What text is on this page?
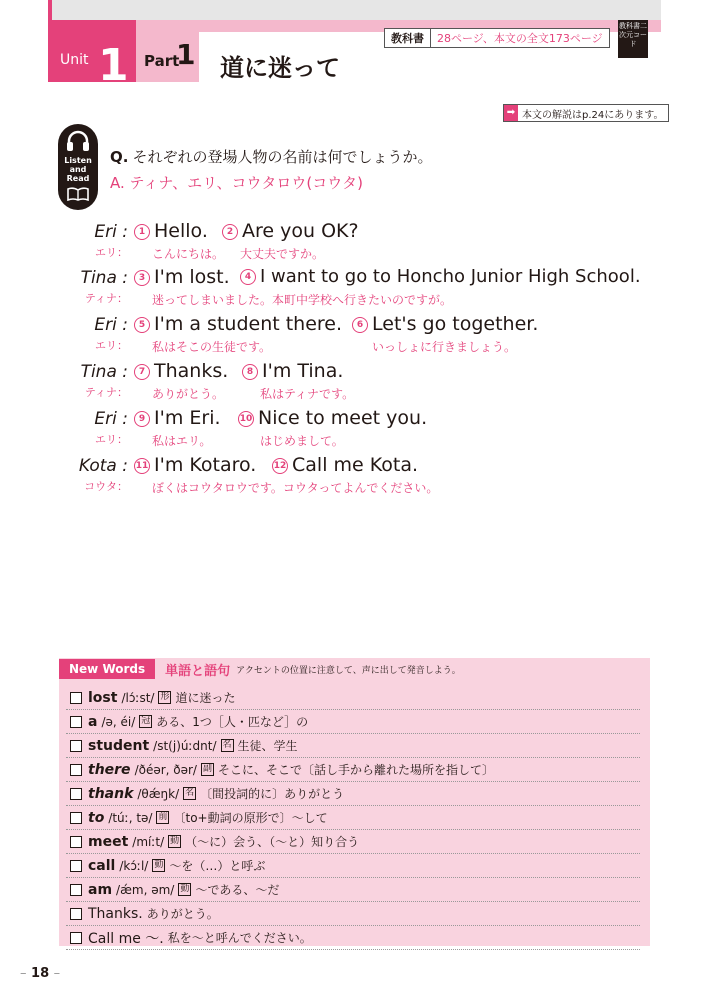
Unit 1 Part
1 道に迷って
教科書	28ページ、本文の全文173ページ
教科書二次元コード
➡ 本文の解説はp.24にあります。
Listen
and
Read
Q. それぞれの登場人物の名前は何でしょうか。
A. ティナ、エリ、コウタロウ(コウタ)
Eri :
エリ：
1 Hello.	2 Are you OK?
こんにちは。 大丈夫ですか。
Tina :
ティナ：
3 I'm lost.	4 I want to go to Honcho Junior High School.
迷ってしまいました。本町中学校へ行きたいのですが。
Eri :
エリ：
5 I'm a student there.	6 Let's go together.
私はそこの生徒です。	いっしょに行きましょう。
Tina :
ティナ：
7 Thanks.	8 I'm Tina.
ありがとう。	私はティナです。
Eri :
エリ：
9 I'm Eri. 10 Nice to meet you.
私はエリ。	はじめまして。
Kota :
コウタ：
11 I'm Kotaro. 12 Call me Kota.
ぼくはコウタロウです。コウタってよんでください。
New Words	単語と語句 アクセントの位置に注意して、声に出して発音しよう。
lost /lɔ́ːst/ 形 道に迷った
a /ə, éi/ 冠 ある、1つ［人・匹など］の
student /st(j)úːdnt/ 名 生徒、学生
there /ðéər, ðər/ 副 そこに、そこで〔話し手から離れた場所を指して〕
thank /θǽŋk/ 名 〔間投詞的に〕ありがとう
to /túː, tə/ 前 〔to+動詞の原形で〕～して
meet /míːt/ 動 （～に）会う、（～と）知り合う
call /kɔ́ːl/ 動 ～を（…）と呼ぶ
am /ǽm, əm/ 動 ～である、～だ
Thanks. ありがとう。
Call me ～. 私を～と呼んでください。
– 18 –
